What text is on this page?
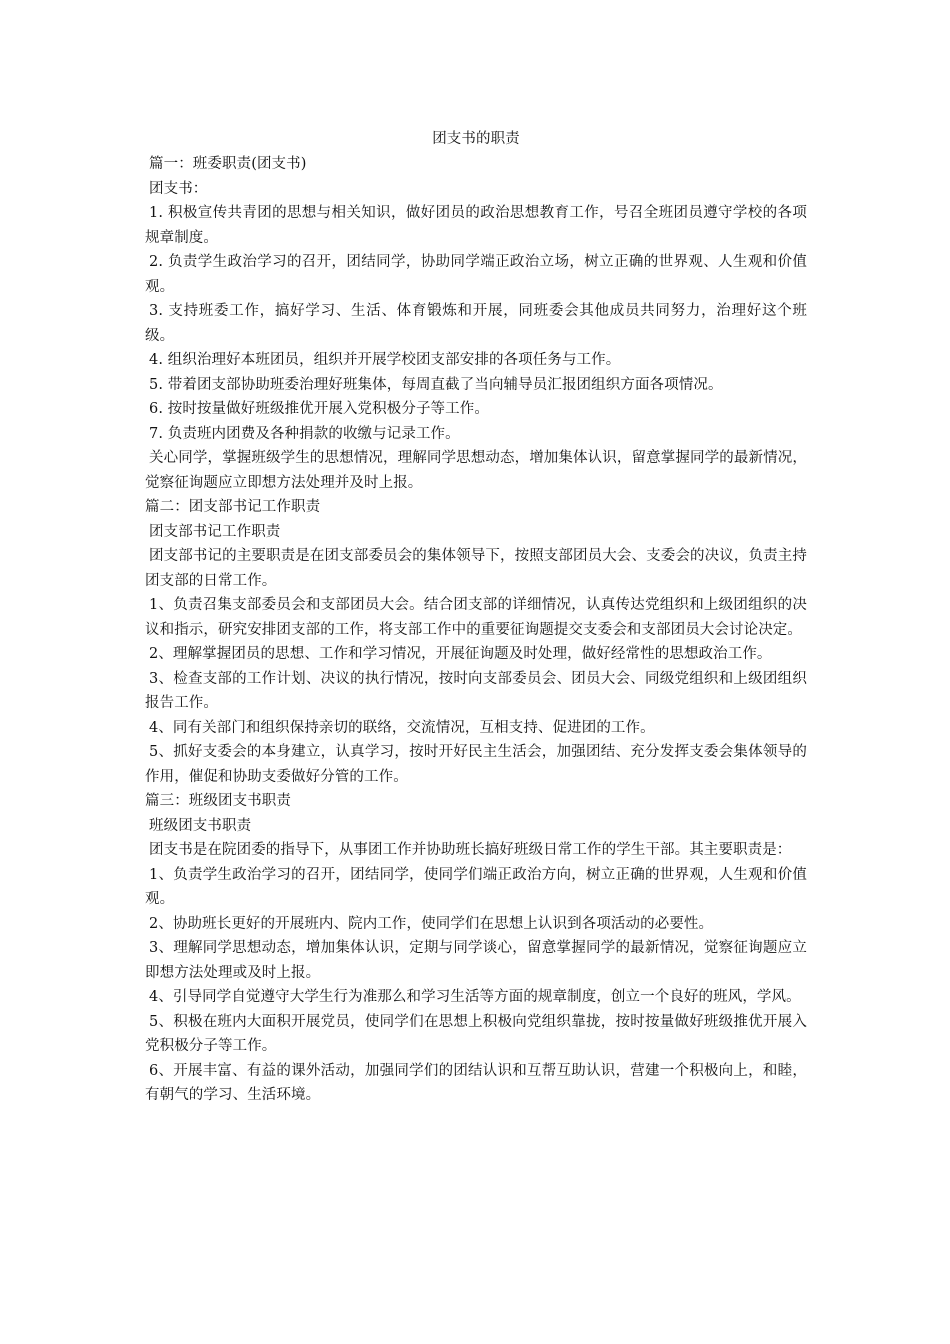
团支书的职责

篇一：班委职责(团支书)

团支书：

1. 积极宣传共青团的思想与相关知识，做好团员的政治思想教育工作，号召全班团员遵守学校的各项规章制度。

2. 负责学生政治学习的召开，团结同学，协助同学端正政治立场，树立正确的世界观、人生观和价值观。

3. 支持班委工作，搞好学习、生活、体育锻炼和开展，同班委会其他成员共同努力，治理好这个班级。

4. 组织治理好本班团员，组织并开展学校团支部安排的各项任务与工作。

5. 带着团支部协助班委治理好班集体，每周直截了当向辅导员汇报团组织方面各项情况。

6. 按时按量做好班级推优开展入党积极分子等工作。

7. 负责班内团费及各种捐款的收缴与记录工作。

关心同学，掌握班级学生的思想情况，理解同学思想动态，增加集体认识，留意掌握同学的最新情况，觉察征询题应立即想方法处理并及时上报。

篇二：团支部书记工作职责

团支部书记工作职责

团支部书记的主要职责是在团支部委员会的集体领导下，按照支部团员大会、支委会的决议，负责主持团支部的日常工作。

1、负责召集支部委员会和支部团员大会。结合团支部的详细情况，认真传达党组织和上级团组织的决议和指示，研究安排团支部的工作，将支部工作中的重要征询题提交支委会和支部团员大会讨论决定。

2、理解掌握团员的思想、工作和学习情况，开展征询题及时处理，做好经常性的思想政治工作。

3、检查支部的工作计划、决议的执行情况，按时向支部委员会、团员大会、同级党组织和上级团组织报告工作。

4、同有关部门和组织保持亲切的联络，交流情况，互相支持、促进团的工作。

5、抓好支委会的本身建立，认真学习，按时开好民主生活会，加强团结、充分发挥支委会集体领导的作用，催促和协助支委做好分管的工作。

篇三：班级团支书职责

班级团支书职责

团支书是在院团委的指导下，从事团工作并协助班长搞好班级日常工作的学生干部。其主要职责是：

1、负责学生政治学习的召开，团结同学，使同学们端正政治方向，树立正确的世界观，人生观和价值观。

2、协助班长更好的开展班内、院内工作，使同学们在思想上认识到各项活动的必要性。

3、理解同学思想动态，增加集体认识，定期与同学谈心，留意掌握同学的最新情况，觉察征询题应立即想方法处理或及时上报。

4、引导同学自觉遵守大学生行为准那么和学习生活等方面的规章制度，创立一个良好的班风，学风。

5、积极在班内大面积开展党员，使同学们在思想上积极向党组织靠拢，按时按量做好班级推优开展入党积极分子等工作。

6、开展丰富、有益的课外活动，加强同学们的团结认识和互帮互助认识，营建一个积极向上，和睦，有朝气的学习、生活环境。
